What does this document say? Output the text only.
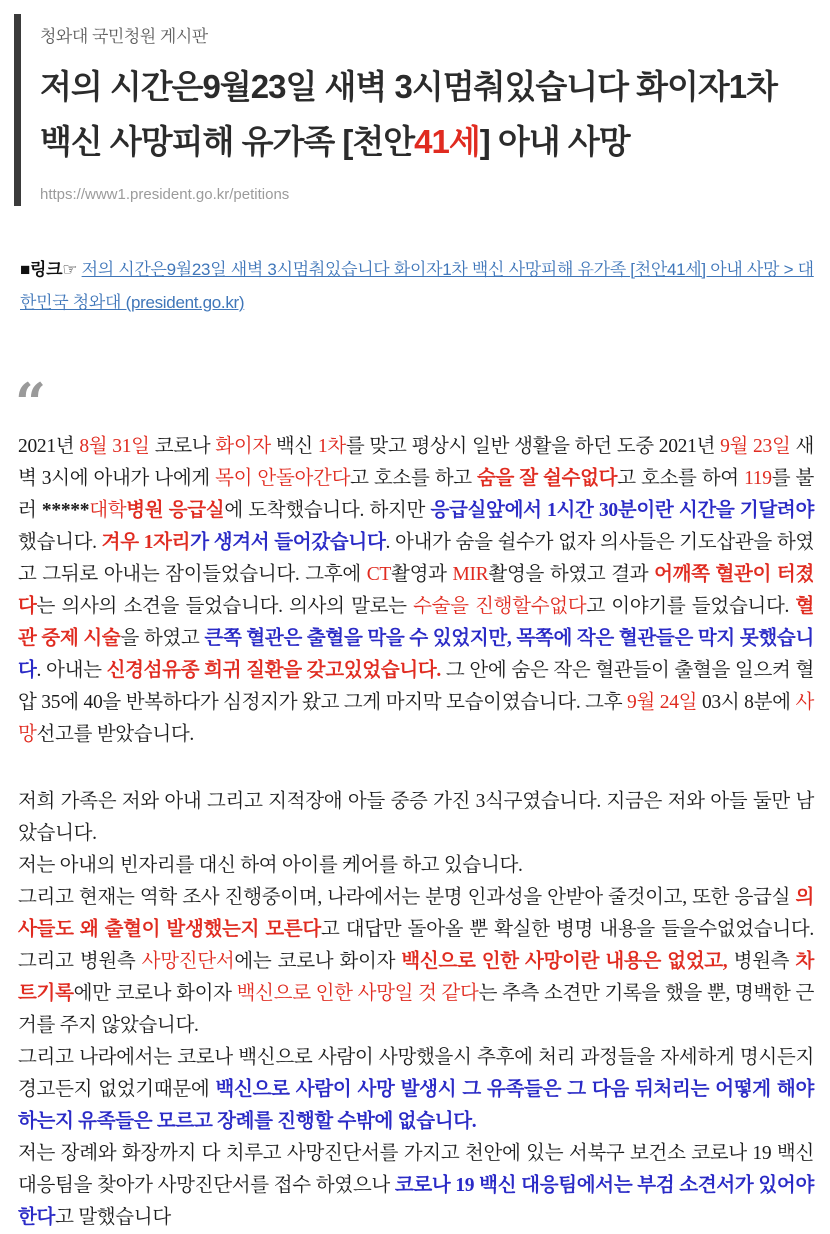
청와대 국민청원 게시판
저의 시간은9월23일 새벽 3시멈춰있습니다 화이자1차 백신 사망피해 유가족 [천안41세] 아내 사망
https://www1.president.go.kr/petitions
■링크☞ 저의 시간은9월23일 새벽 3시멈춰있습니다 화이자1차 백신 사망피해 유가족 [천안41세] 아내 사망 > 대한민국 청와대 (president.go.kr)
“

2021년 8월 31일 코로나 화이자 백신 1차를 맞고 평상시 일반 생활을 하던 도중 2021년 9월 23일 새벽 3시에 아내가 나에게 목이 안돌아간다고 호소를 하고 숨을 잘 쉴수없다고 호소를 하여 119를 불러 *****대학병원 응급실에 도착했습니다. 하지만 응급실앞에서 1시간 30분이란 시간을 기달려야 했습니다. 겨우 1자리가 생겨서 들어갔습니다. 아내가 숨을 쉴수가 없자 의사들은 기도삽관을 하였고 그뒤로 아내는 잠이들었습니다. 그후에 CT촬영과 MIR촬영을 하였고 결과 어깨쪽 혈관이 터졌다는 의사의 소견을 들었습니다. 의사의 말로는 수술을 진행할수없다고 이야기를 들었습니다. 혈관 중제 시술을 하였고 큰쪽 혈관은 출혈을 막을 수 있었지만, 목쪽에 작은 혈관들은 막지 못했습니다. 아내는 신경섬유종 희귀 질환을 갖고있었습니다. 그 안에 숨은 작은 혈관들이 출혈을 일으켜 혈압 35에 40을 반복하다가 심정지가 왔고 그게 마지막 모습이였습니다. 그후 9월 24일 03시 8분에 사망선고를 받았습니다.

저희 가족은 저와 아내 그리고 지적장애 아들 중증 가진 3식구였습니다. 지금은 저와 아들 둘만 남았습니다.

저는 아내의 빈자리를 대신 하여 아이를 케어를 하고 있습니다.

그리고 현재는 역학 조사 진행중이며, 나라에서는 분명 인과성을 안받아 줄것이고, 또한 응급실 의사들도 왜 출혈이 발생했는지 모른다고 대답만 돌아올 뿐 확실한 병명 내용을 들을수없었습니다. 그리고 병원측 사망진단서에는 코로나 화이자 백신으로 인한 사망이란 내용은 없었고, 병원측 차트기록에만 코로나 화이자 백신으로 인한 사망일 것 같다는 추측 소견만 기록을 했을 뿐, 명백한 근거를 주지 않았습니다.

그리고 나라에서는 코로나 백신으로 사람이 사망했을시 추후에 처리 과정들을 자세하게 명시든지 경고든지 없었기때문에 백신으로 사람이 사망 발생시 그 유족들은 그 다음 뒤처리는 어떻게 해야하는지 유족들은 모르고 장례를 진행할 수밖에 없습니다.

저는 장례와 화장까지 다 치루고 사망진단서를 가지고 천안에 있는 서북구 보건소 코로나 19 백신 대응팀을 찾아가 사망진단서를 접수 하였으나 코로나 19 백신 대응팀에서는 부검 소견서가 있어야 한다고 말했습니다
